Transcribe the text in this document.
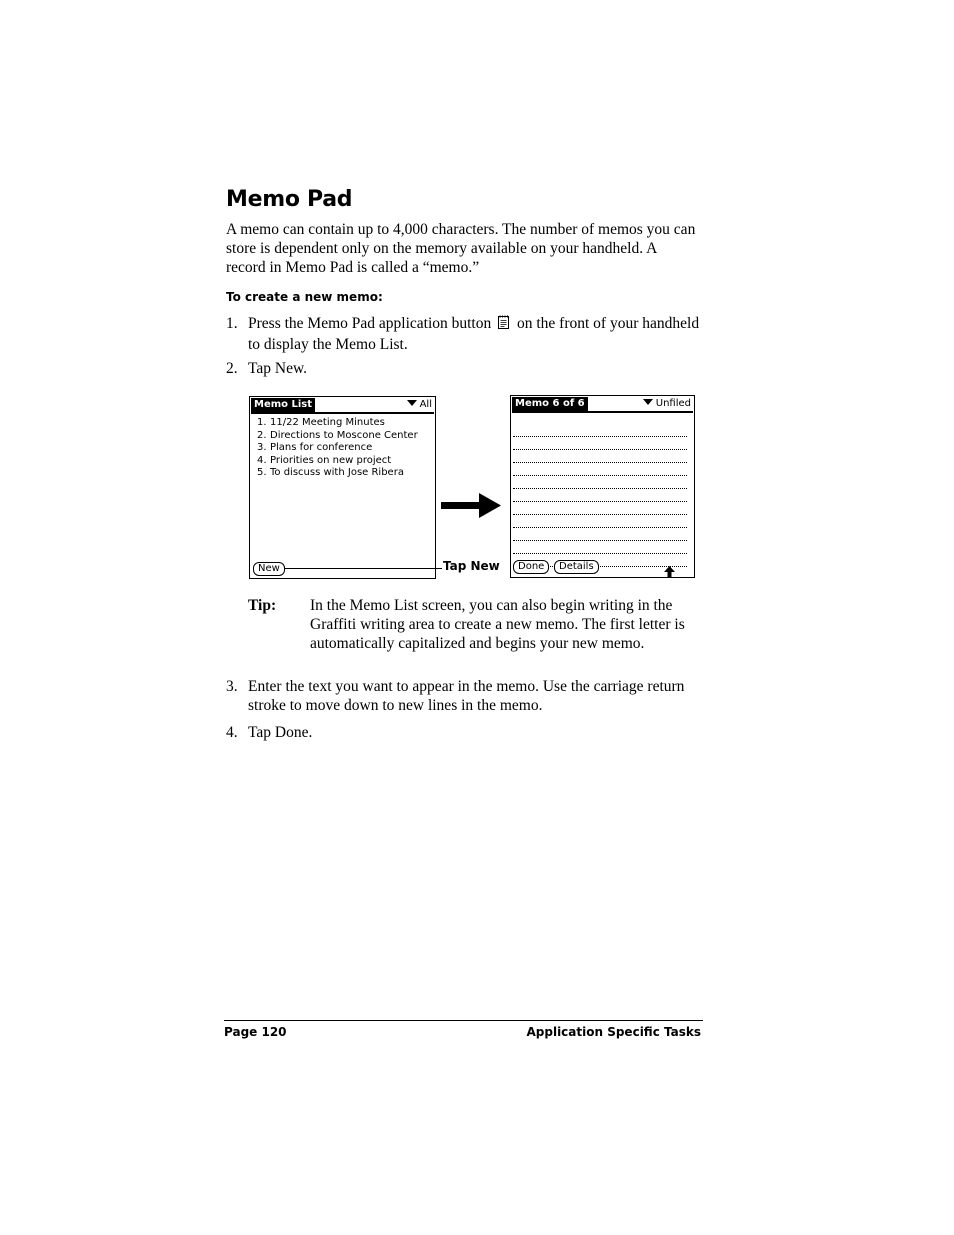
Memo Pad

A memo can contain up to 4,000 characters. The number of memos you can store is dependent only on the memory available on your handheld. A record in Memo Pad is called a “memo.”

To create a new memo:
1. Press the Memo Pad application button on the front of your handheld to display the Memo List.
2. Tap New.
Memo List	All
1. 11/22 Meeting Minutes
2. Directions to Moscone Center
3. Plans for conference
4. Priorities on new project
5. To discuss with Jose Ribera
New	Tap New
Memo 6 of 6	Unfiled
Done	Details
Tip: In the Memo List screen, you can also begin writing in the Graffiti writing area to create a new memo. The first letter is automatically capitalized and begins your new memo.
3. Enter the text you want to appear in the memo. Use the carriage return stroke to move down to new lines in the memo.
4. Tap Done.
Page 120	Application Specific Tasks
